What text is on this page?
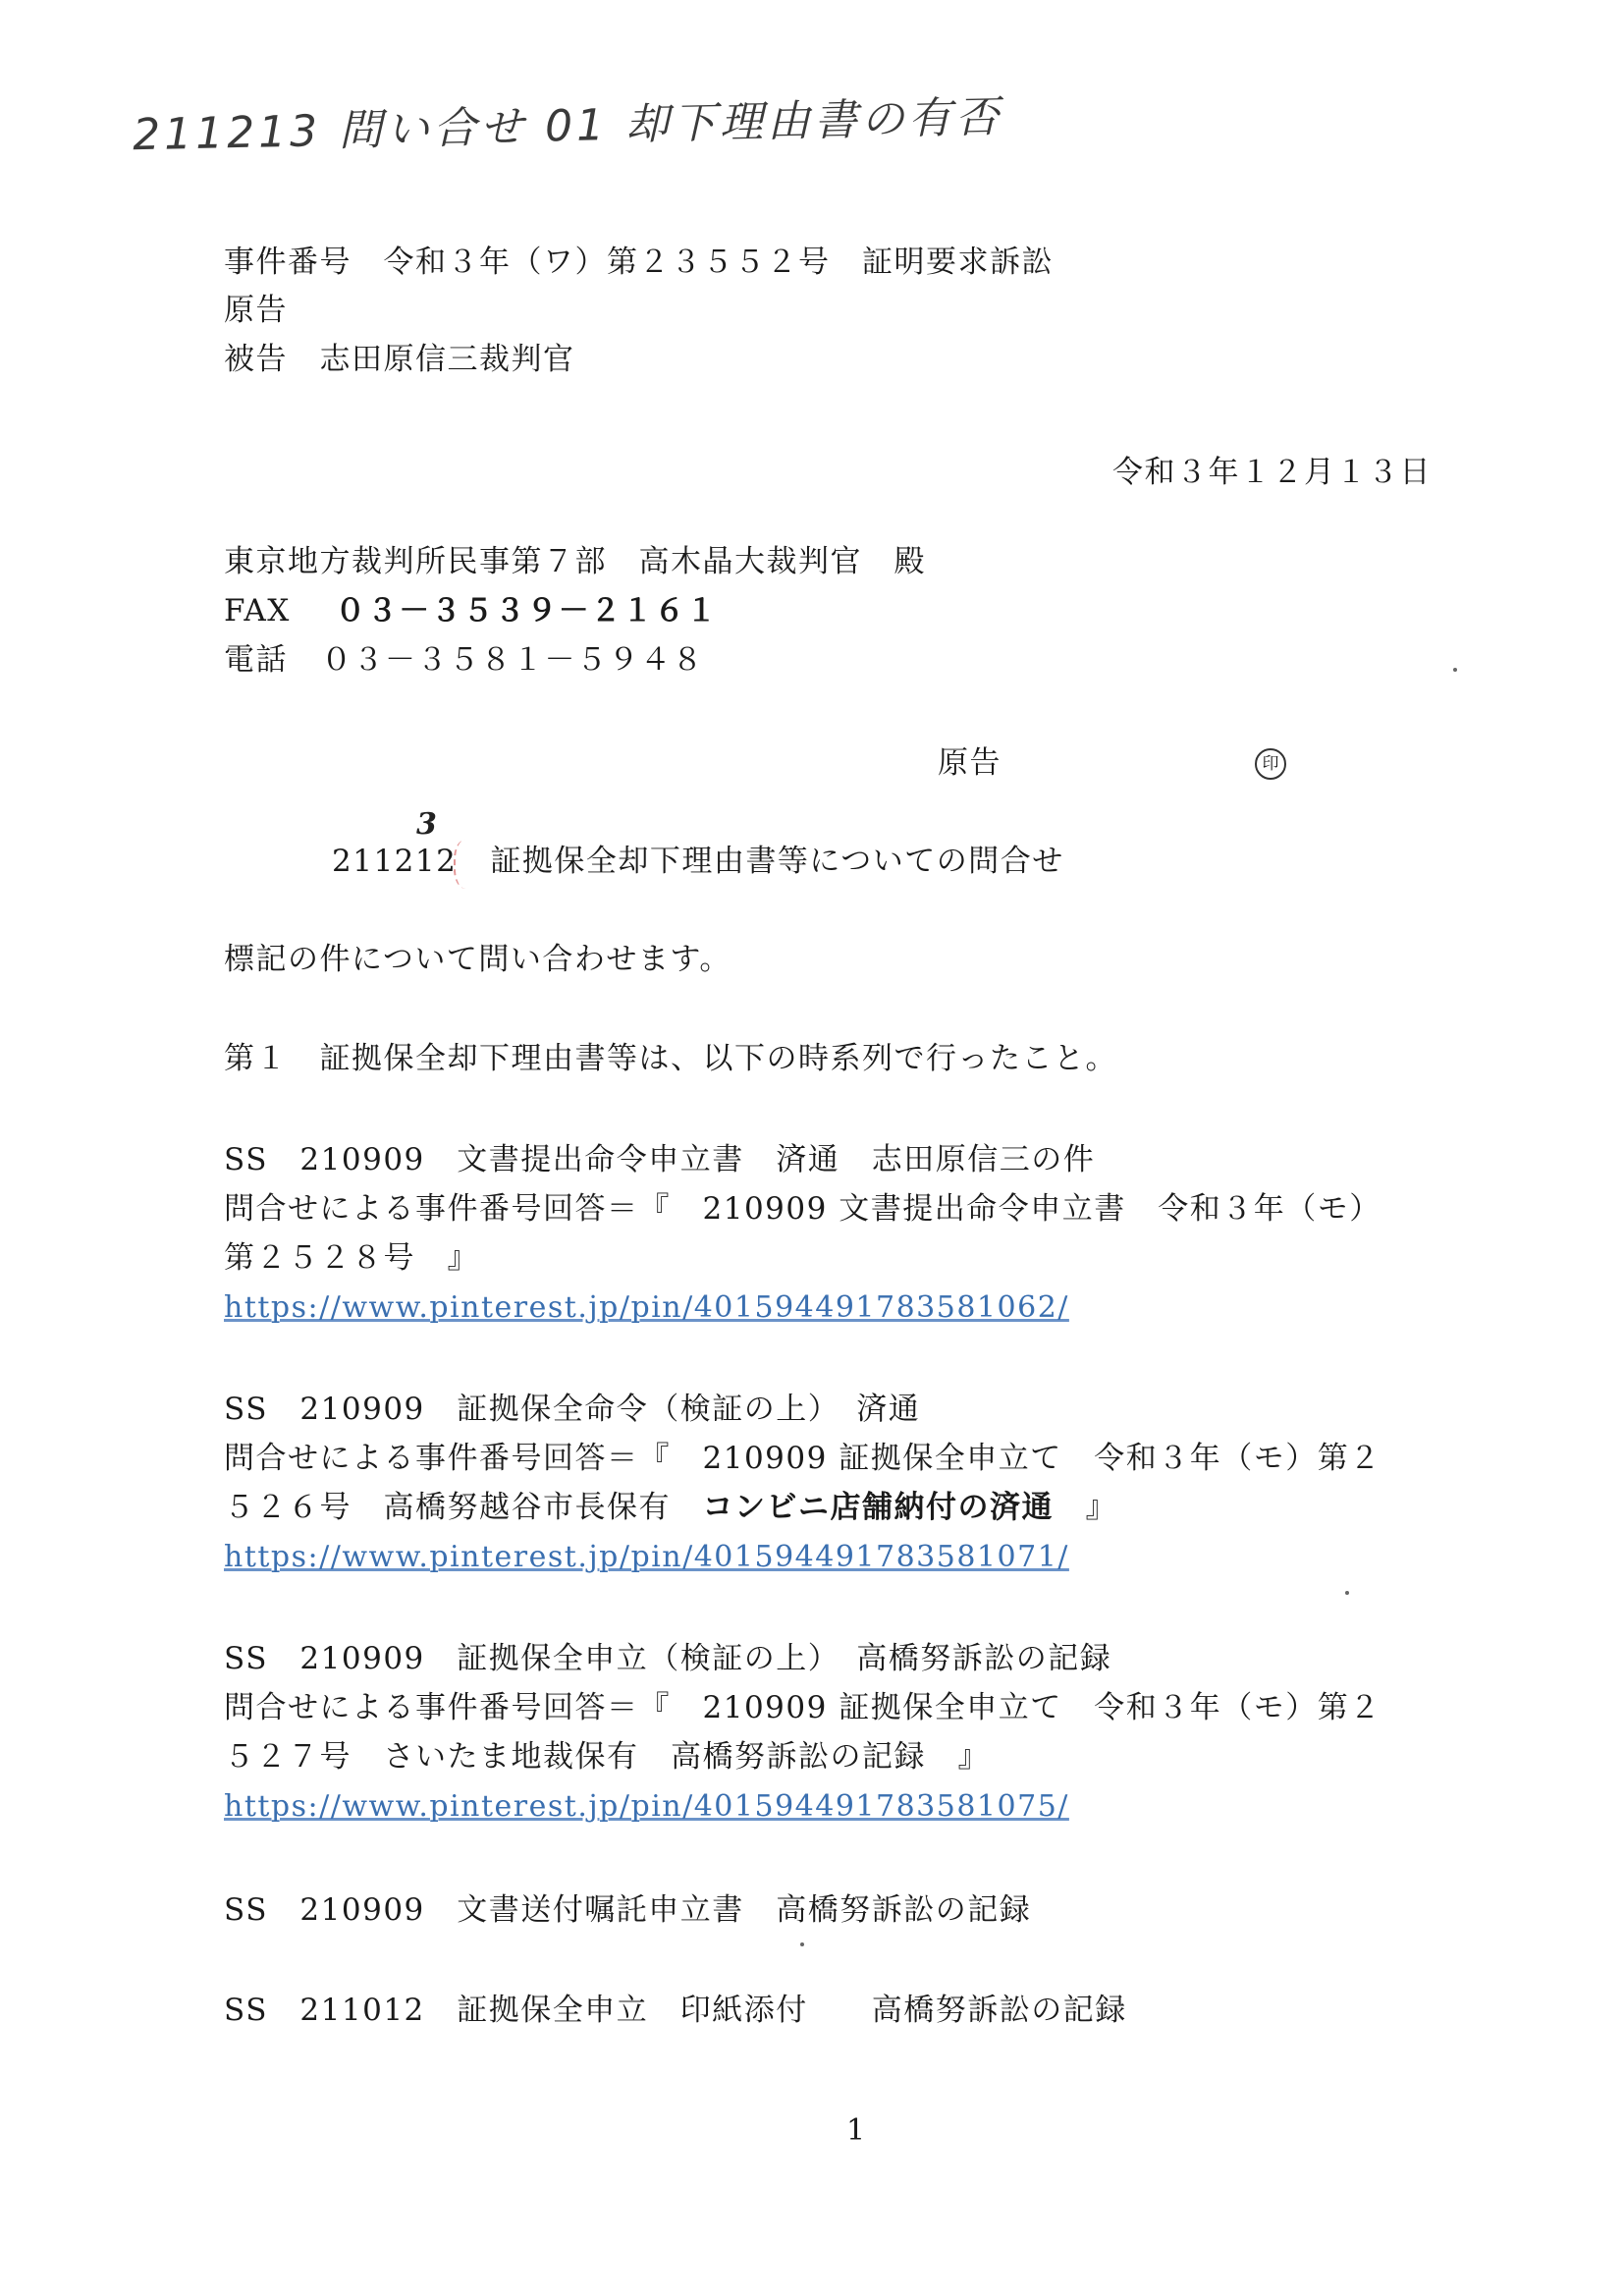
211213 問い合せ 01 却下理由書の有否
事件番号　令和３年（ワ）第２３５５２号　証明要求訴訟
原告
被告　志田原信三裁判官
令和３年１２月１３日
東京地方裁判所民事第７部　高木晶大裁判官　殿
FAX ０３－３５３９－２１６１
電話 ０３－３５８１－５９４８
原告	印
3
211212 証拠保全却下理由書等についての問合せ
標記の件について問い合わせます。
第１　証拠保全却下理由書等は、以下の時系列で行ったこと。
SS　210909　文書提出命令申立書　済通　志田原信三の件
問合せによる事件番号回答＝『　210909 文書提出命令申立書　令和３年（モ）
第２５２８号　』
https://www.pinterest.jp/pin/401594491783581062/
SS　210909　証拠保全命令（検証の上）　済通
問合せによる事件番号回答＝『　210909 証拠保全申立て　令和３年（モ）第２
５２６号　高橋努越谷市長保有　コンビニ店舗納付の済通　』
https://www.pinterest.jp/pin/401594491783581071/
SS　210909　証拠保全申立（検証の上）　高橋努訴訟の記録
問合せによる事件番号回答＝『　210909 証拠保全申立て　令和３年（モ）第２
５２７号　さいたま地裁保有　高橋努訴訟の記録　』
https://www.pinterest.jp/pin/401594491783581075/
SS　210909　文書送付嘱託申立書　高橋努訴訟の記録
SS　211012　証拠保全申立　印紙添付　　高橋努訴訟の記録
1
